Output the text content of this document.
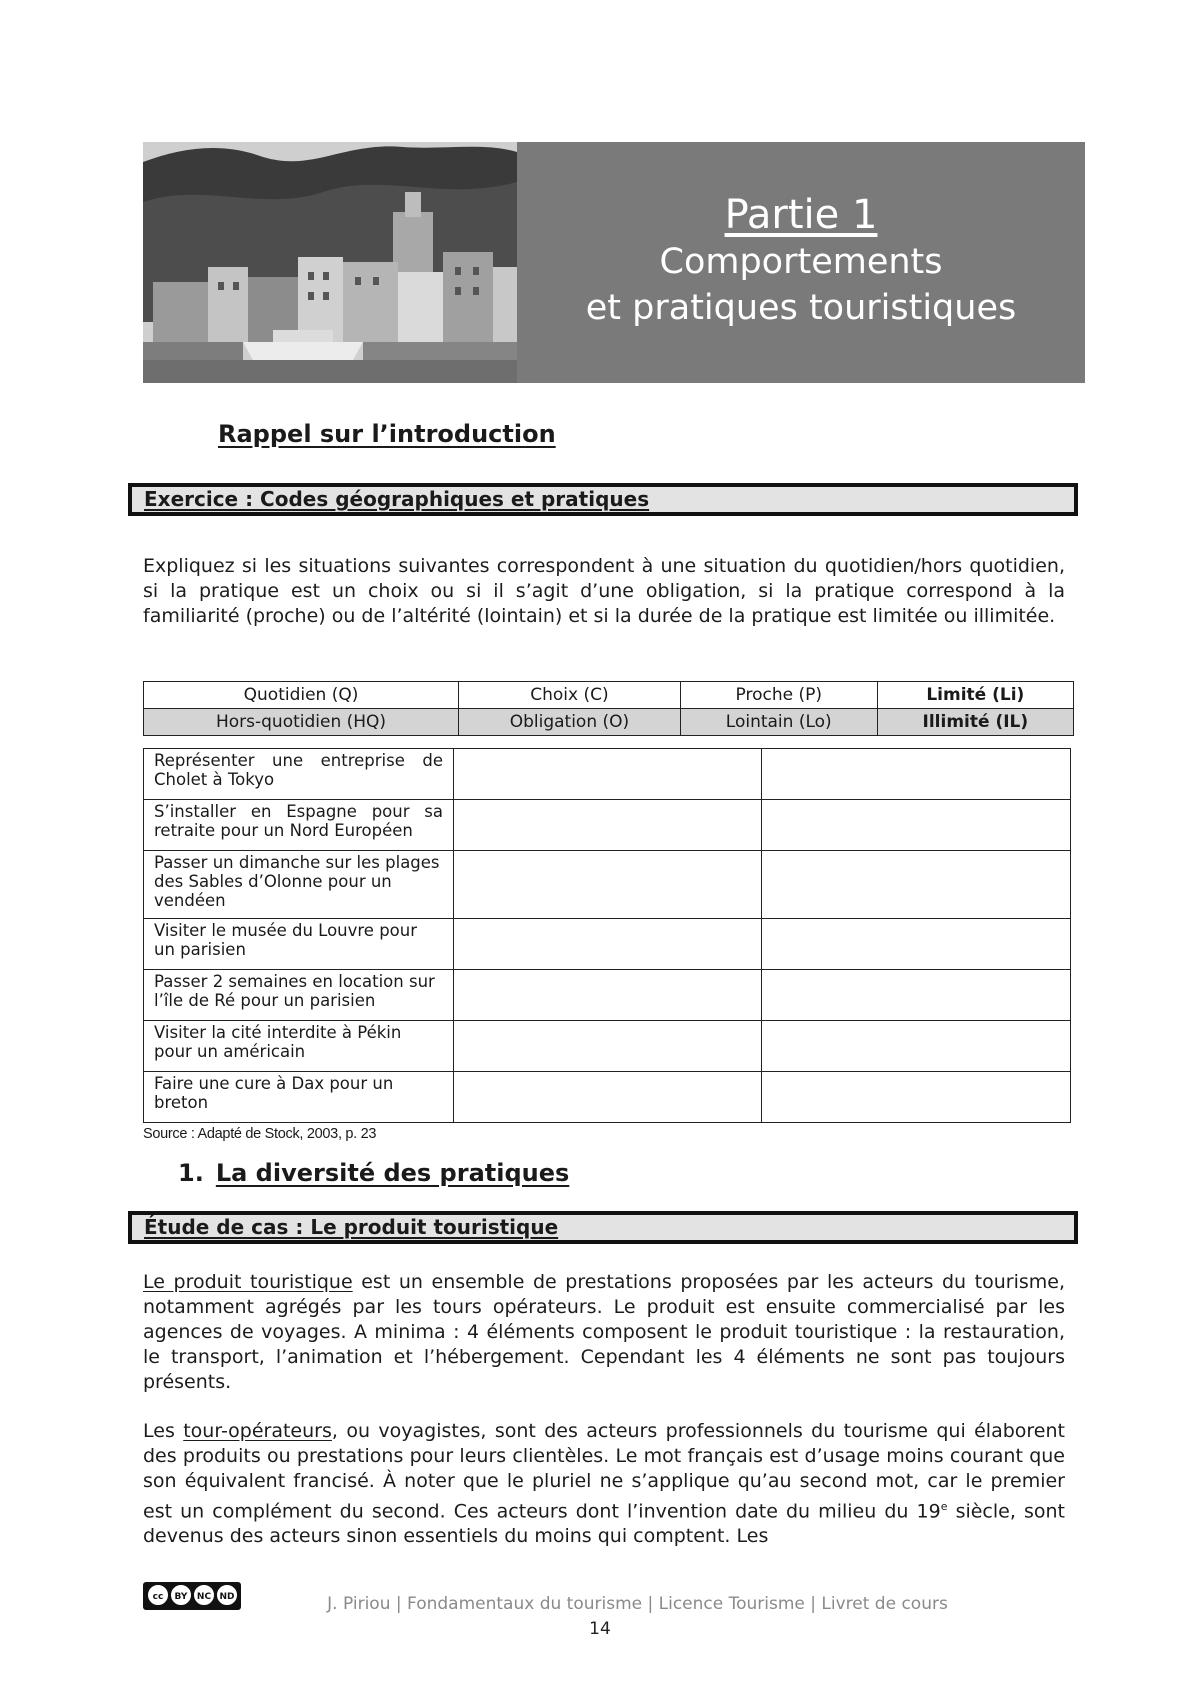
Partie 1
Comportements
et pratiques touristiques
Rappel sur l’introduction
Exercice : Codes géographiques et pratiques
Expliquez si les situations suivantes correspondent à une situation du quotidien/hors quotidien, si la pratique est un choix ou si il s’agit d’une obligation, si la pratique correspond à la familiarité (proche) ou de l’altérité (lointain) et si la durée de la pratique est limitée ou illimitée.
Quotidien (Q)	Choix (C)	Proche (P)	Limité (Li)
Hors-quotidien (HQ)	Obligation (O)	Lointain (Lo)	Illimité (IL)
Représenter une entreprise de Cholet à Tokyo		
S’installer en Espagne pour sa retraite pour un Nord Européen		
Passer un dimanche sur les plages des Sables d’Olonne pour un vendéen		
Visiter le musée du Louvre pour un parisien		
Passer 2 semaines en location sur l’île de Ré pour un parisien		
Visiter la cité interdite à Pékin pour un américain		
Faire une cure à Dax pour un breton		
Source : Adapté de Stock, 2003, p. 23
1. La diversité des pratiques
Étude de cas : Le produit touristique
Le produit touristique est un ensemble de prestations proposées par les acteurs du tourisme, notamment agrégés par les tours opérateurs. Le produit est ensuite commercialisé par les agences de voyages. A minima : 4 éléments composent le produit touristique : la restauration, le transport, l’animation et l’hébergement. Cependant les 4 éléments ne sont pas toujours présents.
Les tour-opérateurs, ou voyagistes, sont des acteurs professionnels du tourisme qui élaborent des produits ou prestations pour leurs clientèles. Le mot français est d’usage moins courant que son équivalent francisé. À noter que le pluriel ne s’applique qu’au second mot, car le premier est un complément du second. Ces acteurs dont l’invention date du milieu du 19e siècle, sont devenus des acteurs sinon essentiels du moins qui comptent. Les
cc	BY	NC ND	J. Piriou | Fondamentaux du tourisme | Licence Tourisme | Livret de cours
14
